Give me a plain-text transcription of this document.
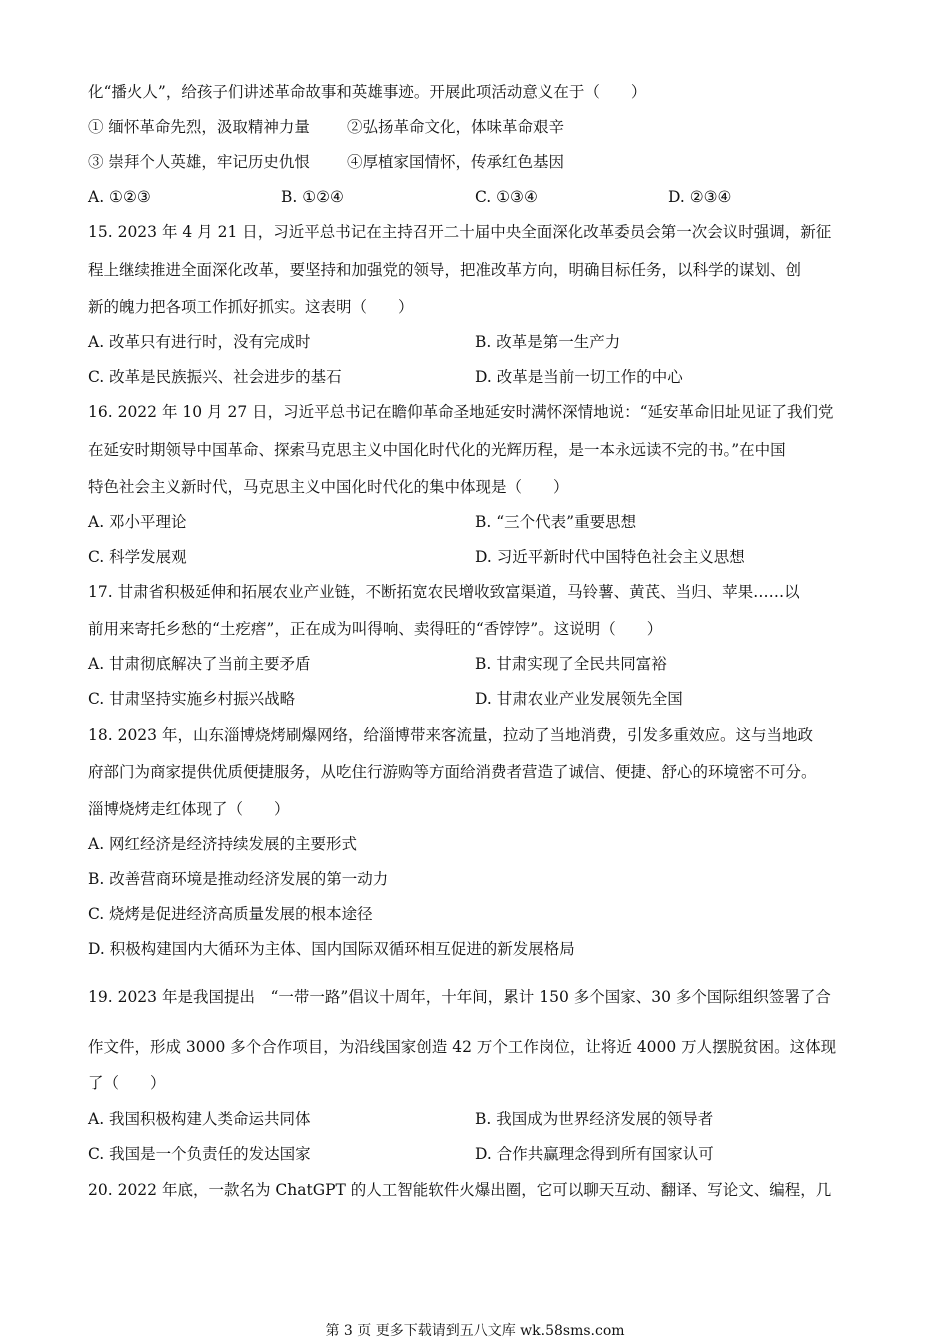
化“播火人”，给孩子们讲述革命故事和英雄事迹。开展此项活动意义在于（　　）
① 缅怀革命先烈，汲取精神力量 ②弘扬革命文化，体味革命艰辛
③ 崇拜个人英雄，牢记历史仇恨 ④厚植家国情怀，传承红色基因
A. ①②③	B. ①②④	C. ①③④	D. ②③④
15. 2023 年 4 月 21 日，习近平总书记在主持召开二十届中央全面深化改革委员会第一次会议时强调，新征
程上继续推进全面深化改革，要坚持和加强党的领导，把准改革方向，明确目标任务，以科学的谋划、创
新的魄力把各项工作抓好抓实。这表明（　　）
A. 改革只有进行时，没有完成时	B. 改革是第一生产力
C. 改革是民族振兴、社会进步的基石	D. 改革是当前一切工作的中心
16. 2022 年 10 月 27 日，习近平总书记在瞻仰革命圣地延安时满怀深情地说：“延安革命旧址见证了我们党
在延安时期领导中国革命、探索马克思主义中国化时代化的光辉历程，是一本永远读不完的书。”在中国
特色社会主义新时代，马克思主义中国化时代化的集中体现是（　　）
A. 邓小平理论	B. “三个代表”重要思想
C. 科学发展观	D. 习近平新时代中国特色社会主义思想
17. 甘肃省积极延伸和拓展农业产业链，不断拓宽农民增收致富渠道，马铃薯、黄芪、当归、苹果……以
前用来寄托乡愁的“土疙瘩”，正在成为叫得响、卖得旺的“香饽饽”。这说明（　　）
A. 甘肃彻底解决了当前主要矛盾	B. 甘肃实现了全民共同富裕
C. 甘肃坚持实施乡村振兴战略	D. 甘肃农业产业发展领先全国
18. 2023 年，山东淄博烧烤刷爆网络，给淄博带来客流量，拉动了当地消费，引发多重效应。这与当地政
府部门为商家提供优质便捷服务，从吃住行游购等方面给消费者营造了诚信、便捷、舒心的环境密不可分。
淄博烧烤走红体现了（　　）
A. 网红经济是经济持续发展的主要形式
B. 改善营商环境是推动经济发展的第一动力
C. 烧烤是促进经济高质量发展的根本途径
D. 积极构建国内大循环为主体、国内国际双循环相互促进的新发展格局
19. 2023 年是我国提出　“一带一路”倡议十周年，十年间，累计 150 多个国家、30 多个国际组织签署了合
作文件，形成 3000 多个合作项目，为沿线国家创造 42 万个工作岗位，让将近 4000 万人摆脱贫困。这体现
了（　　）
A. 我国积极构建人类命运共同体	B. 我国成为世界经济发展的领导者
C. 我国是一个负责任的发达国家	D. 合作共赢理念得到所有国家认可
20. 2022 年底，一款名为 ChatGPT 的人工智能软件火爆出圈，它可以聊天互动、翻译、写论文、编程，几
第 3 页 更多下载请到五八文库 wk.58sms.com
